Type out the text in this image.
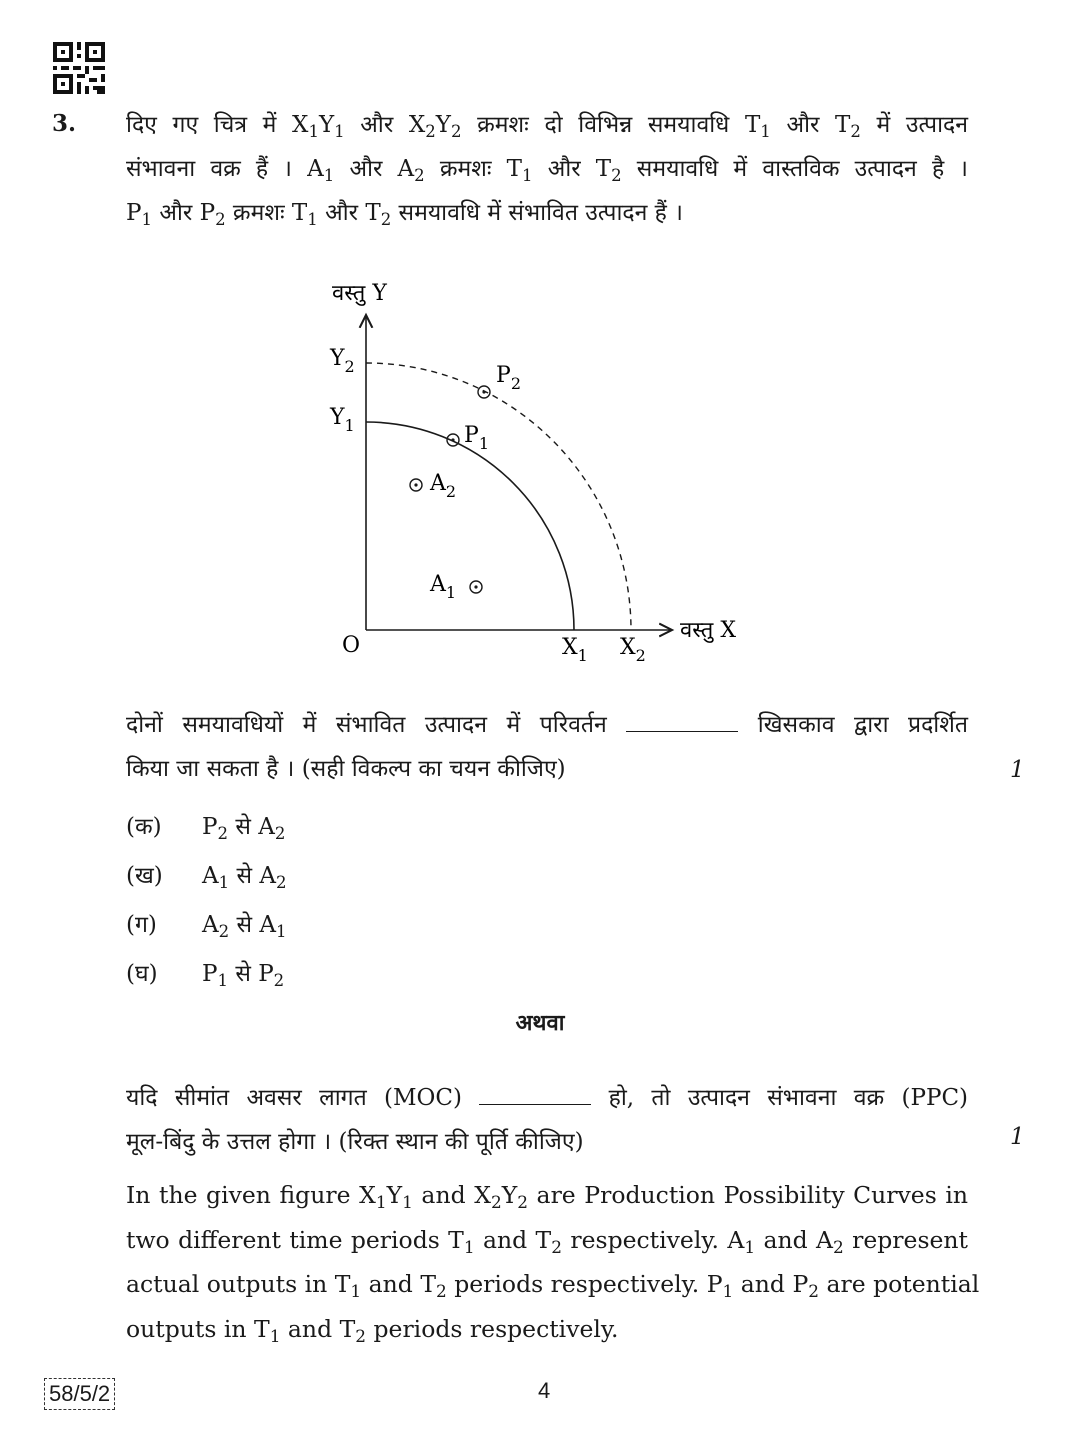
3. दिए गए चित्र में $X_1Y_1$ और $X_2Y_2$ क्रमशः दो विभिन्न समयावधि $T_1$ और $T_2$ में उत्पादन
संभावना वक्र हैं । $A_1$ और $A_2$ क्रमशः $T_1$ और $T_2$ समयावधि में वास्तविक उत्पादन है ।
$P_1$ और $P_2$ क्रमशः $T_1$ और $T_2$ समयावधि में संभावित उत्पादन हैं ।
वस्तु Y
वस्तु X
O
$Y_2$
$Y_1$
$X_1$ $X_2$
$P_2$
$P_1$
$A_2$
$A_1$
दोनों समयावधियों में संभावित उत्पादन में परिवर्तन	खिसकाव द्वारा प्रदर्शित
किया जा सकता है । (सही विकल्प का चयन कीजिए)	1
(क) $P_2$ से $A_2$
(ख) $A_1$ से $A_2$
(ग) $A_2$ से $A_1$
(घ) $P_1$ से $P_2$
अथवा
यदि सीमांत अवसर लागत (MOC)	हो, तो उत्पादन संभावना वक्र (PPC)
मूल-बिंदु के उत्तल होगा । (रिक्त स्थान की पूर्ति कीजिए)	1
In the given figure $X_1Y_1$ and $X_2Y_2$ are Production Possibility Curves in
two different time periods $T_1$ and $T_2$ respectively. $A_1$ and $A_2$ represent
actual outputs in $T_1$ and $T_2$ periods respectively. $P_1$ and $P_2$ are potential
outputs in $T_1$ and $T_2$ periods respectively.
58/5/2	4
